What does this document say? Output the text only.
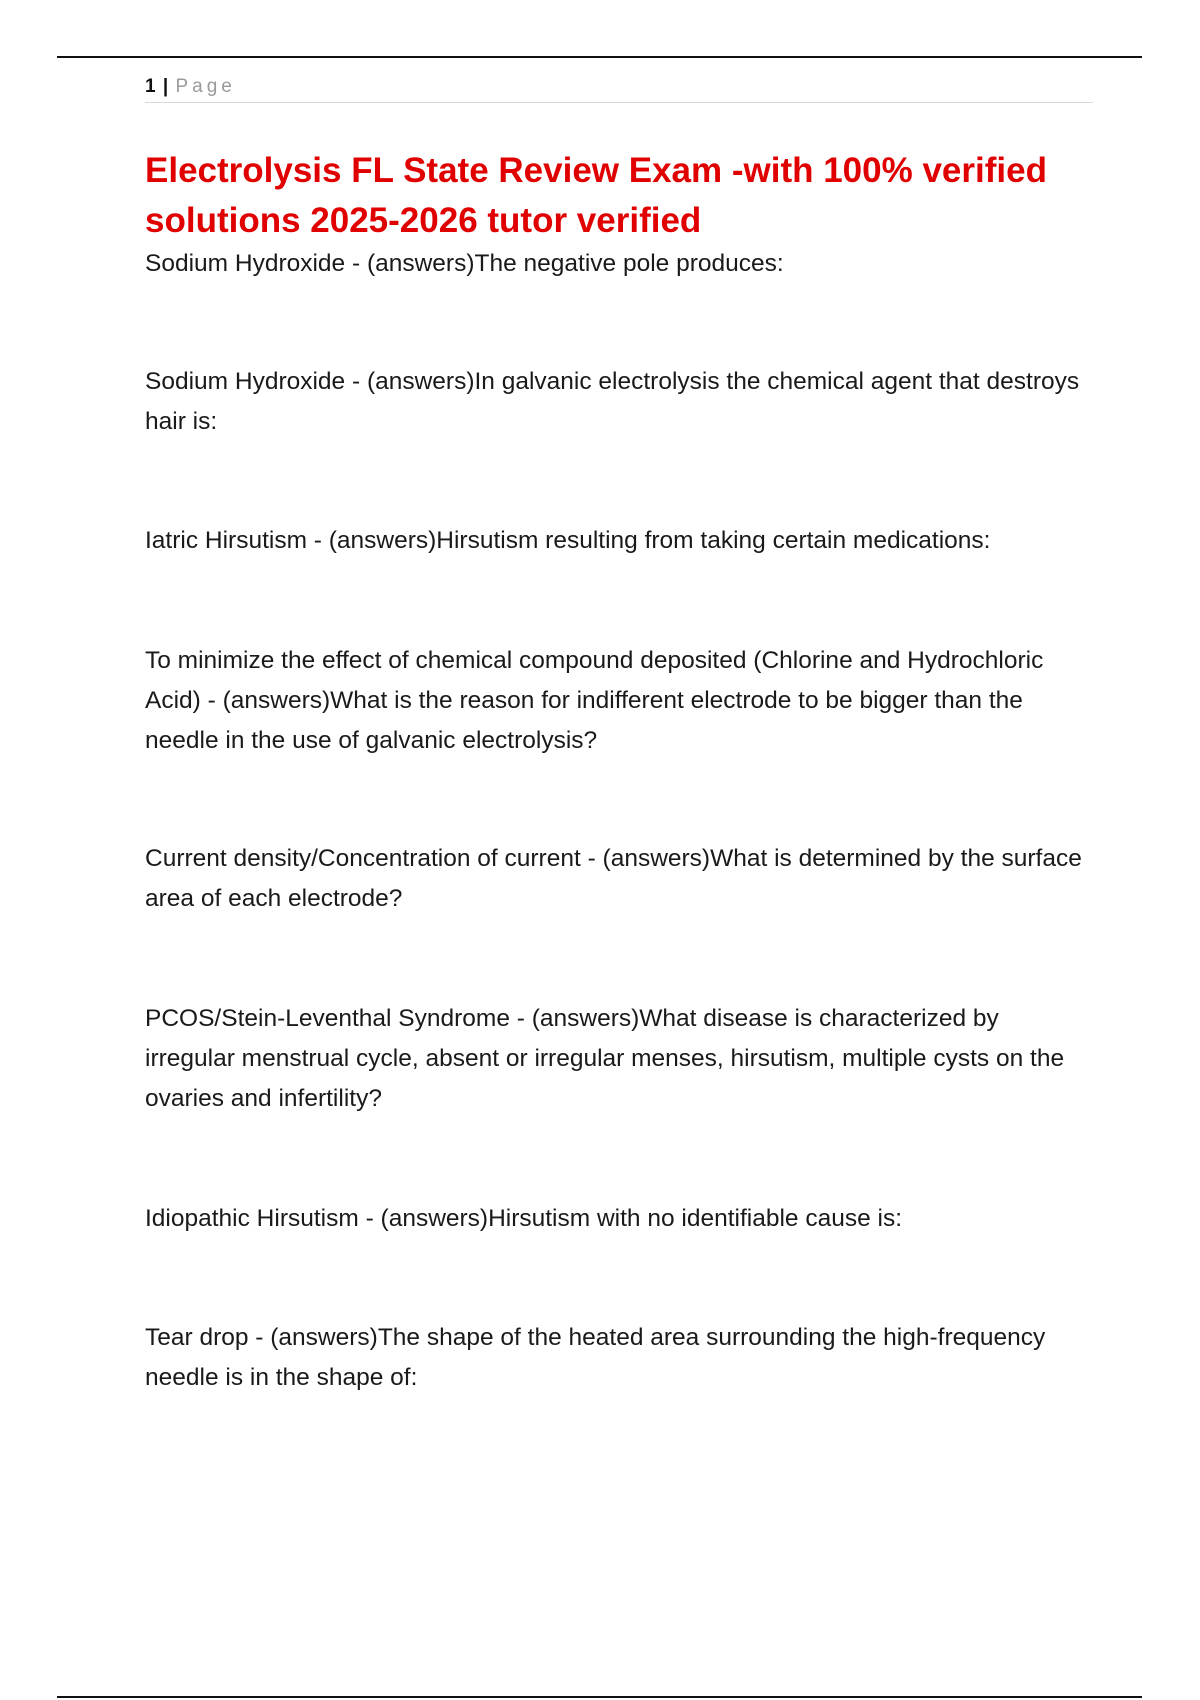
1 | Page
Electrolysis FL State Review Exam -with 100% verified solutions 2025-2026 tutor verified

Sodium Hydroxide - (answers)The negative pole produces:

Sodium Hydroxide - (answers)In galvanic electrolysis the chemical agent that destroys hair is:

Iatric Hirsutism - (answers)Hirsutism resulting from taking certain medications:

To minimize the effect of chemical compound deposited (Chlorine and Hydrochloric Acid) - (answers)What is the reason for indifferent electrode to be bigger than the needle in the use of galvanic electrolysis?

Current density/Concentration of current - (answers)What is determined by the surface area of each electrode?

PCOS/Stein-Leventhal Syndrome - (answers)What disease is characterized by irregular menstrual cycle, absent or irregular menses, hirsutism, multiple cysts on the ovaries and infertility?

Idiopathic Hirsutism - (answers)Hirsutism with no identifiable cause is:

Tear drop - (answers)The shape of the heated area surrounding the high-frequency needle is in the shape of:
